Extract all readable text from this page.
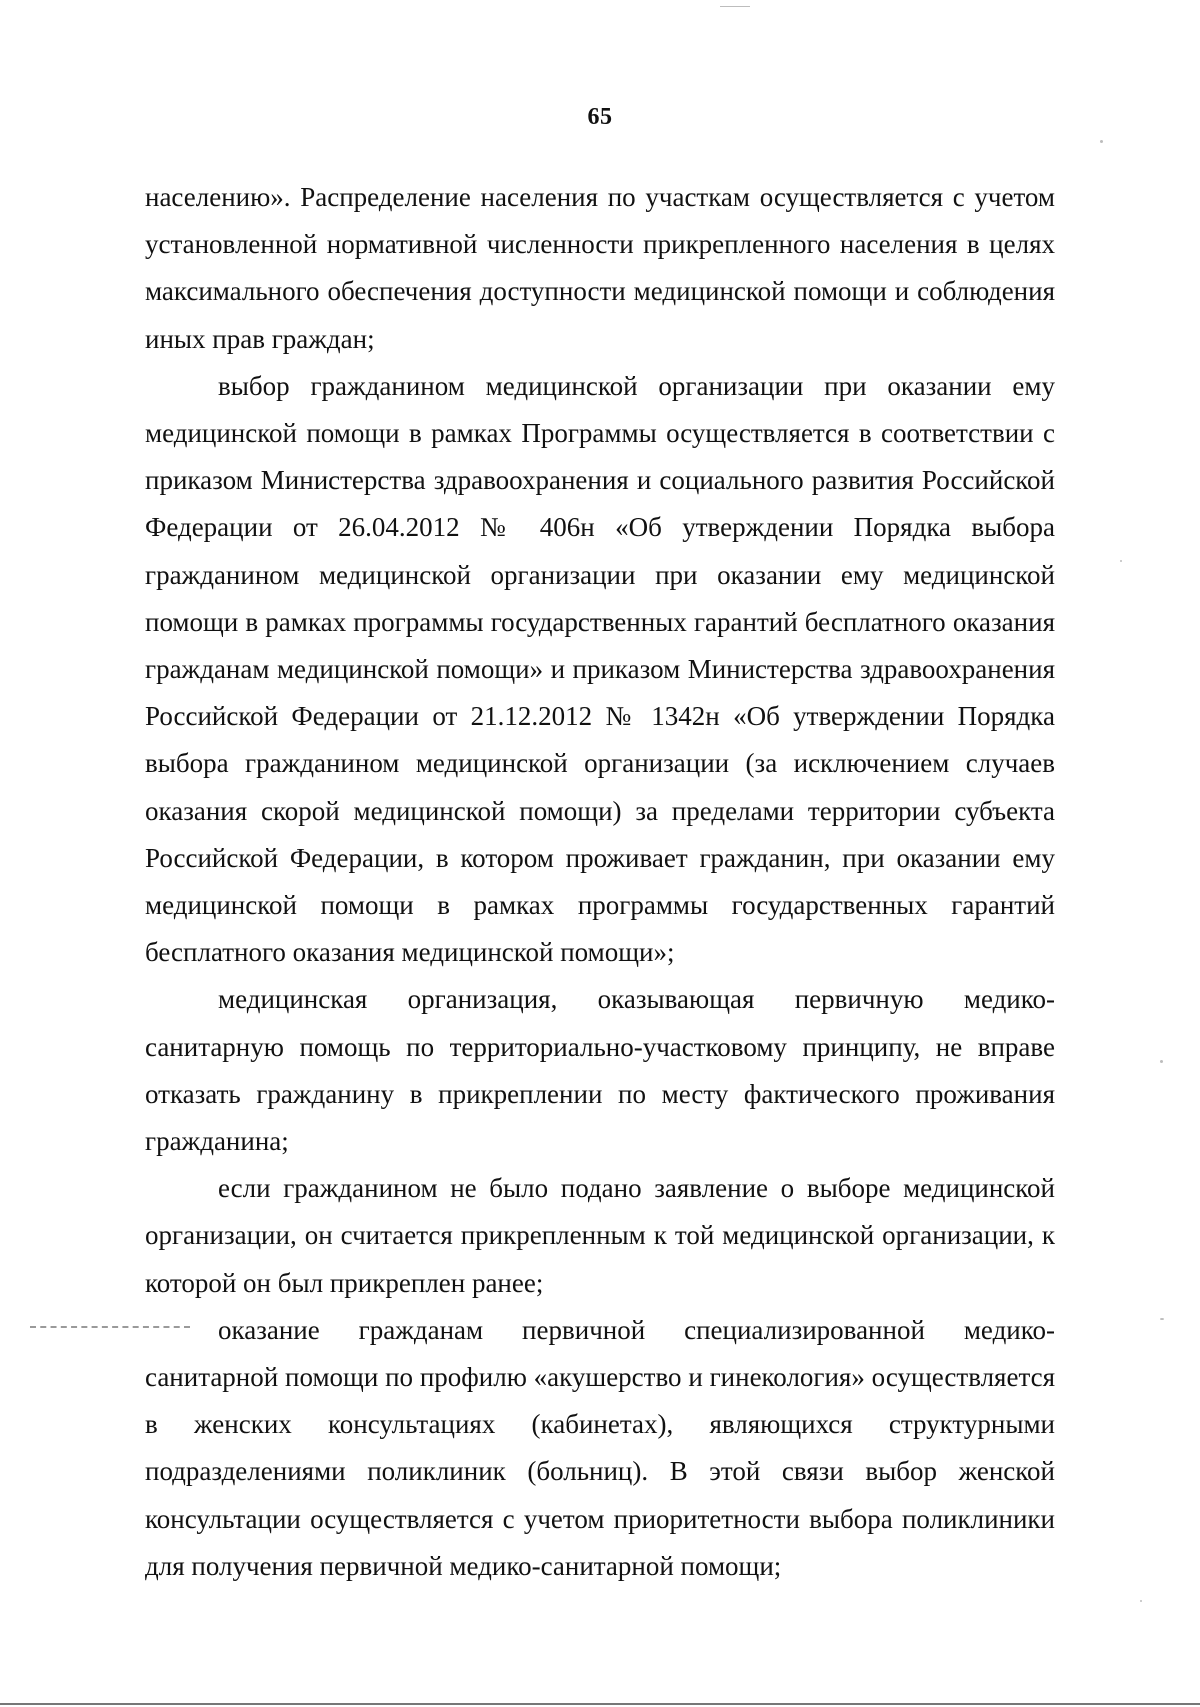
65

населению». Распределение населения по участкам осуществляется с учетом установленной нормативной численности прикрепленного населения в целях максимального обеспечения доступности медицинской помощи и соблюдения иных прав граждан;

выбор гражданином медицинской организации при оказании ему медицинской помощи в рамках Программы осуществляется в соответствии с приказом Министерства здравоохранения и социального развития Российской Федерации от 26.04.2012 № 406н «Об утверждении Порядка выбора гражданином медицинской организации при оказании ему медицинской помощи в рамках программы государственных гарантий бесплатного оказания гражданам медицинской помощи» и приказом Министерства здравоохранения Российской Федерации от 21.12.2012 № 1342н «Об утверждении Порядка выбора гражданином медицинской организации (за исключением случаев оказания скорой медицинской помощи) за пределами территории субъекта Российской Федерации, в котором проживает гражданин, при оказании ему медицинской помощи в рамках программы государственных гарантий бесплатного оказания медицинской помощи»;

медицинская организация, оказывающая первичную медико-санитарную помощь по территориально-участковому принципу, не вправе отказать гражданину в прикреплении по месту фактического проживания гражданина;

если гражданином не было подано заявление о выборе медицинской организации, он считается прикрепленным к той медицинской организации, к которой он был прикреплен ранее;

оказание гражданам первичной специализированной медико-санитарной помощи по профилю «акушерство и гинекология» осуществляется в женских консультациях (кабинетах), являющихся структурными подразделениями поликлиник (больниц). В этой связи выбор женской консультации осуществляется с учетом приоритетности выбора поликлиники для получения первичной медико-санитарной помощи;
